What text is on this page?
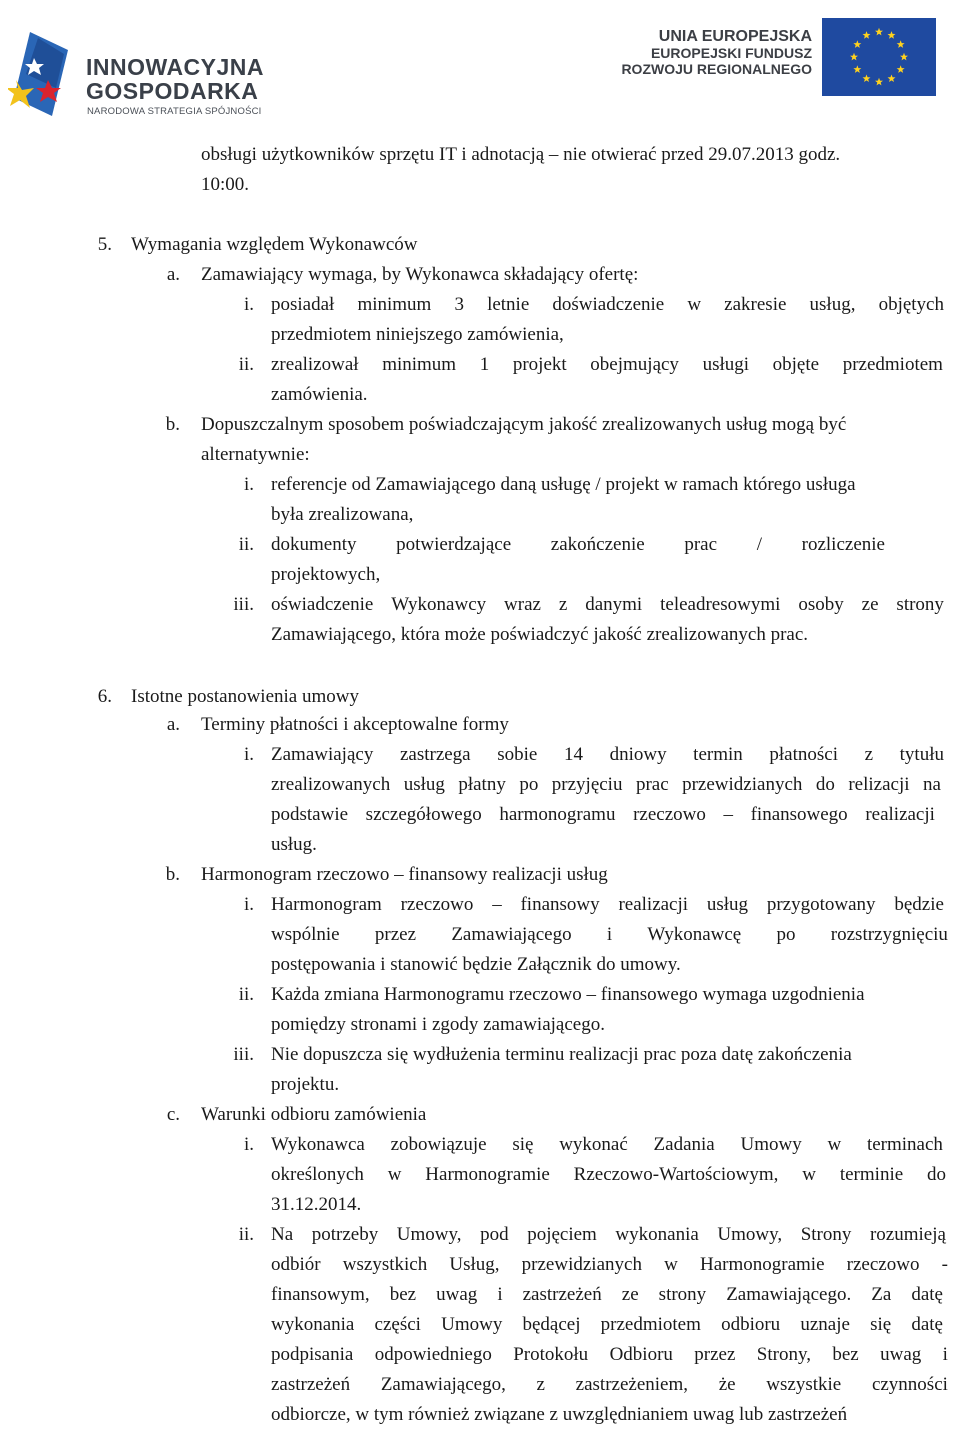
INNOWACYJNA
GOSPODARKA
NARODOWA STRATEGIA SPÓJNOŚCI
UNIA EUROPEJSKA
EUROPEJSKI FUNDUSZ
ROZWOJU REGIONALNEGO
obsługi użytkowników sprzętu IT i adnotacją – nie otwierać przed 29.07.2013 godz.
10:00.
5. Wymagania względem Wykonawców
a. Zamawiający wymaga, by Wykonawca składający ofertę:
i. posiadał minimum 3 letnie doświadczenie w zakresie usług, objętych
przedmiotem niniejszego zamówienia,
ii. zrealizował minimum 1 projekt obejmujący usługi objęte przedmiotem
zamówienia.
b. Dopuszczalnym sposobem poświadczającym jakość zrealizowanych usług mogą być
alternatywnie:
i. referencje od Zamawiającego daną usługę / projekt w ramach którego usługa
była zrealizowana,
ii. dokumenty potwierdzające zakończenie prac / rozliczenie
projektowych,
iii. oświadczenie Wykonawcy wraz z danymi teleadresowymi osoby ze strony
Zamawiającego, która może poświadczyć jakość zrealizowanych prac.
6. Istotne postanowienia umowy
a. Terminy płatności i akceptowalne formy
i. Zamawiający zastrzega sobie 14 dniowy termin płatności z tytułu
zrealizowanych usług płatny po przyjęciu prac przewidzianych do relizacji na
podstawie szczegółowego harmonogramu rzeczowo – finansowego realizacji
usług.
b. Harmonogram rzeczowo – finansowy realizacji usług
i. Harmonogram rzeczowo – finansowy realizacji usług przygotowany będzie
wspólnie przez Zamawiającego i Wykonawcę po rozstrzygnięciu
postępowania i stanowić będzie Załącznik do umowy.
ii. Każda zmiana Harmonogramu rzeczowo – finansowego wymaga uzgodnienia
pomiędzy stronami i zgody zamawiającego.
iii. Nie dopuszcza się wydłużenia terminu realizacji prac poza datę zakończenia
projektu.
c. Warunki odbioru zamówienia
i. Wykonawca zobowiązuje się wykonać Zadania Umowy w terminach
określonych w Harmonogramie Rzeczowo-Wartościowym, w terminie do
31.12.2014.
ii. Na potrzeby Umowy, pod pojęciem wykonania Umowy, Strony rozumieją
odbiór wszystkich Usług, przewidzianych w Harmonogramie rzeczowo -
finansowym, bez uwag i zastrzeżeń ze strony Zamawiającego. Za datę
wykonania części Umowy będącej przedmiotem odbioru uznaje się datę
podpisania odpowiedniego Protokołu Odbioru przez Strony, bez uwag i
zastrzeżeń Zamawiającego, z zastrzeżeniem, że wszystkie czynności
odbiorcze, w tym również związane z uwzględnianiem uwag lub zastrzeżeń
